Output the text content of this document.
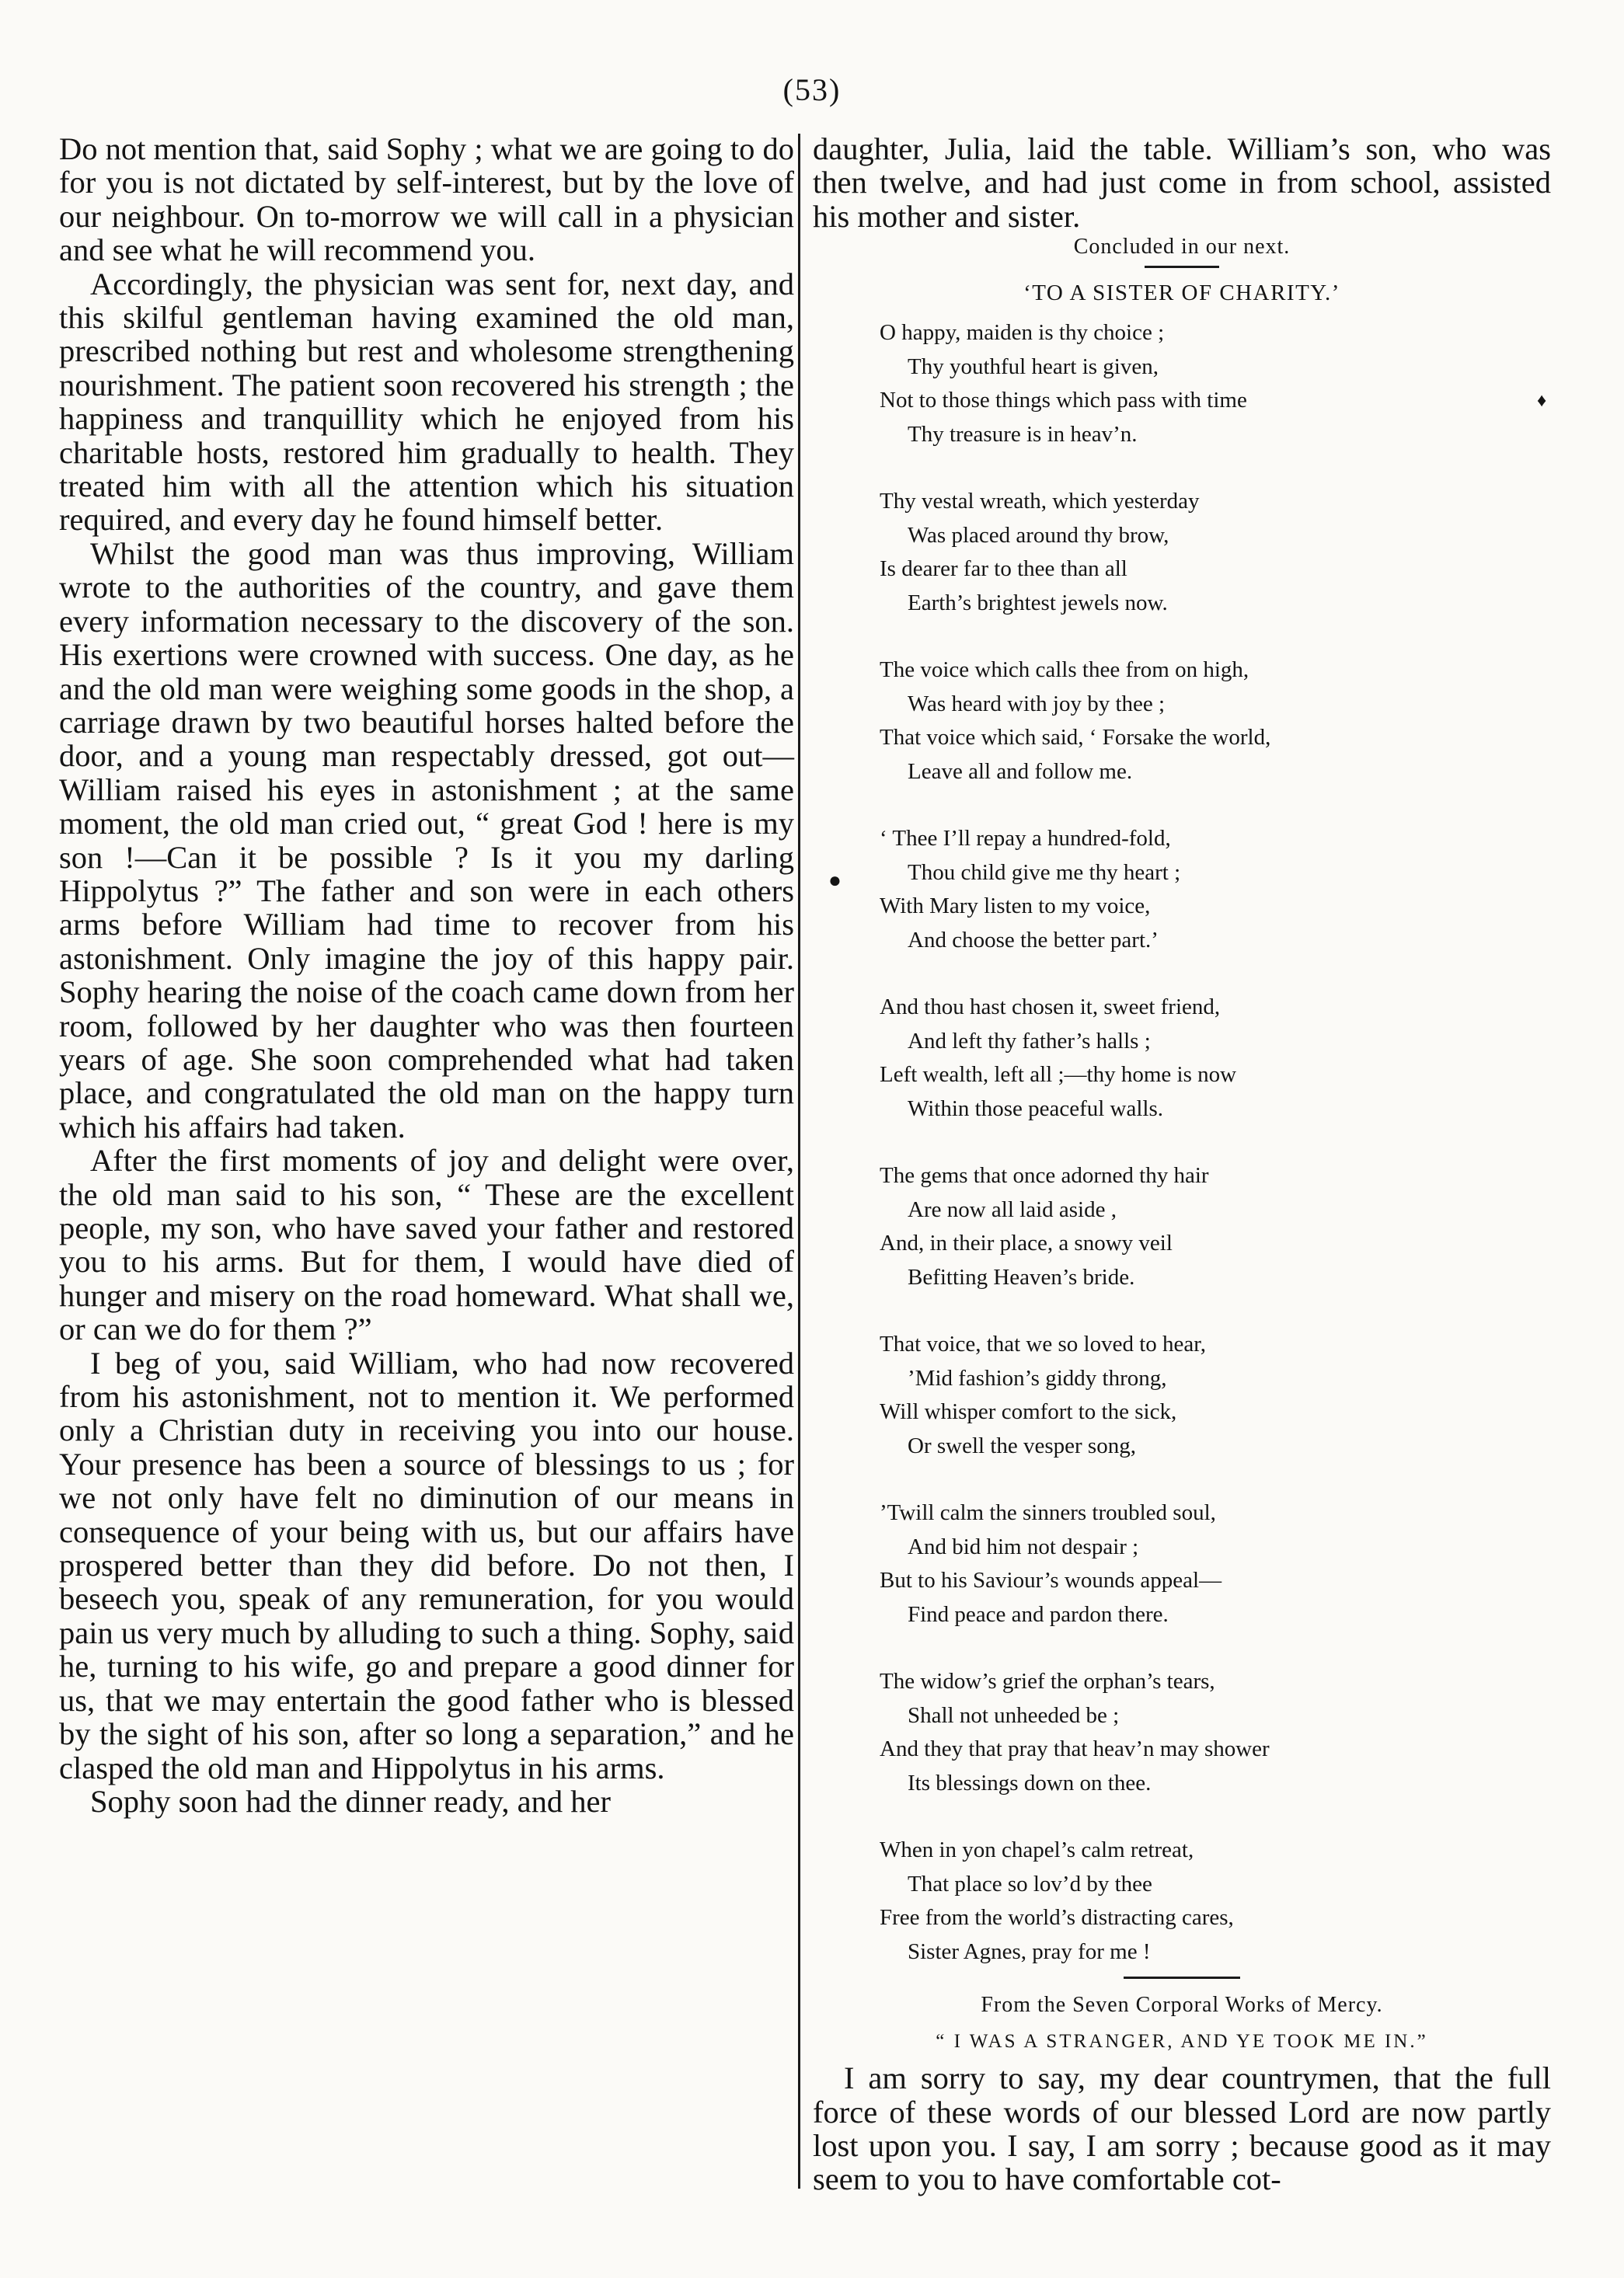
(53)

Do not mention that, said Sophy ; what we are going to do for you is not dictated by self-interest, but by the love of our neighbour. On to-morrow we will call in a physician and see what he will recommend you.

Accordingly, the physician was sent for, next day, and this skilful gentleman having examined the old man, prescribed nothing but rest and wholesome strengthening nourishment. The patient soon recovered his strength ; the happiness and tranquillity which he enjoyed from his charitable hosts, restored him gradually to health. They treated him with all the attention which his situation required, and every day he found himself better.

Whilst the good man was thus improving, William wrote to the authorities of the country, and gave them every information necessary to the discovery of the son. His exertions were crowned with success. One day, as he and the old man were weighing some goods in the shop, a carriage drawn by two beautiful horses halted before the door, and a young man respectably dressed, got out—William raised his eyes in astonishment ; at the same moment, the old man cried out, “ great God ! here is my son !—Can it be possible ? Is it you my darling Hippolytus ?” The father and son were in each others arms before William had time to recover from his astonishment. Only imagine the joy of this happy pair. Sophy hearing the noise of the coach came down from her room, followed by her daughter who was then fourteen years of age. She soon comprehended what had taken place, and congratulated the old man on the happy turn which his affairs had taken.

After the first moments of joy and delight were over, the old man said to his son, “ These are the excellent people, my son, who have saved your father and restored you to his arms. But for them, I would have died of hunger and misery on the road homeward. What shall we, or can we do for them ?”

I beg of you, said William, who had now recovered from his astonishment, not to mention it. We performed only a Christian duty in receiving you into our house. Your presence has been a source of blessings to us ; for we not only have felt no diminution of our means in consequence of your being with us, but our affairs have prospered better than they did before. Do not then, I beseech you, speak of any remuneration, for you would pain us very much by alluding to such a thing. Sophy, said he, turning to his wife, go and prepare a good dinner for us, that we may entertain the good father who is blessed by the sight of his son, after so long a separation,” and he clasped the old man and Hippolytus in his arms.

Sophy soon had the dinner ready, and her

daughter, Julia, laid the table. William’s son, who was then twelve, and had just come in from school, assisted his mother and sister.

Concluded in our next.
‘TO A SISTER OF CHARITY.’
O happy, maiden is thy choice ;
Thy youthful heart is given,
Not to those things which pass with time
Thy treasure is in heav’n.
Thy vestal wreath, which yesterday
Was placed around thy brow,
Is dearer far to thee than all
Earth’s brightest jewels now.
The voice which calls thee from on high,
Was heard with joy by thee ;
That voice which said, ‘ Forsake the world,
Leave all and follow me.
‘ Thee I’ll repay a hundred-fold,
Thou child give me thy heart ;
With Mary listen to my voice,
And choose the better part.’
And thou hast chosen it, sweet friend,
And left thy father’s halls ;
Left wealth, left all ;—thy home is now
Within those peaceful walls.
The gems that once adorned thy hair
Are now all laid aside ,
And, in their place, a snowy veil
Befitting Heaven’s bride.
That voice, that we so loved to hear,
’Mid fashion’s giddy throng,
Will whisper comfort to the sick,
Or swell the vesper song,
’Twill calm the sinners troubled soul,
And bid him not despair ;
But to his Saviour’s wounds appeal—
Find peace and pardon there.
The widow’s grief the orphan’s tears,
Shall not unheeded be ;
And they that pray that heav’n may shower
Its blessings down on thee.
When in yon chapel’s calm retreat,
That place so lov’d by thee
Free from the world’s distracting cares,
Sister Agnes, pray for me !
From the Seven Corporal Works of Mercy.
“ I WAS A STRANGER, AND YE TOOK ME IN.”

I am sorry to say, my dear countrymen, that the full force of these words of our blessed Lord are now partly lost upon you. I say, I am sorry ; because good as it may seem to you to have comfortable cot-

♦
●
